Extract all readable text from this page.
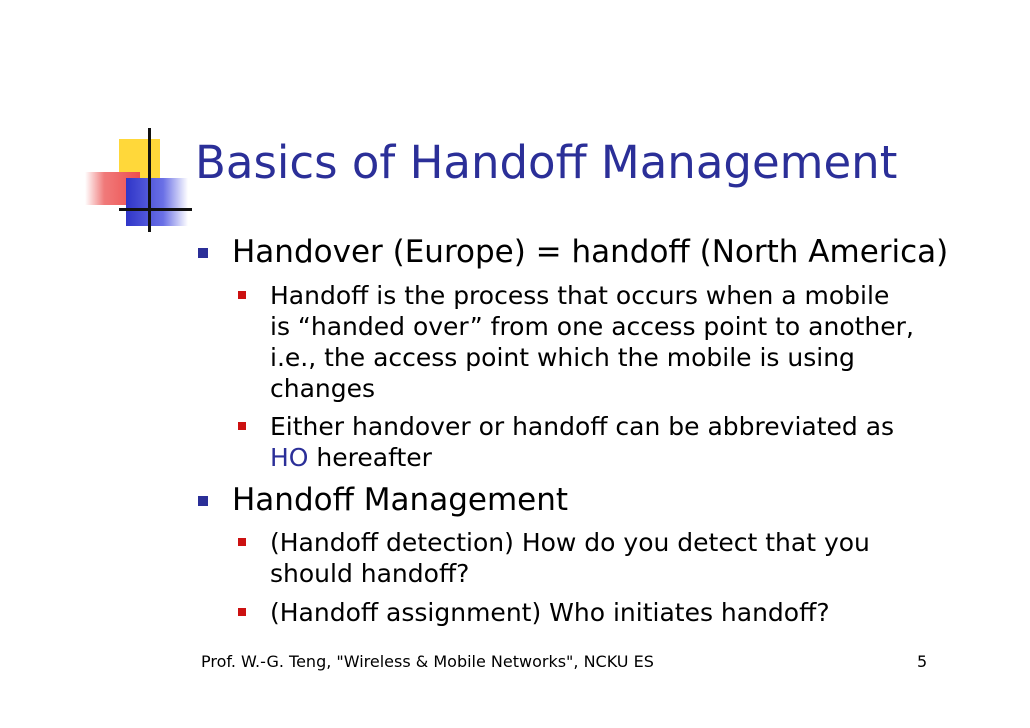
Basics of Handoff Management
Handover (Europe) = handoff (North America)
Handoff is the process that occurs when a mobile
is “handed over” from one access point to another,
i.e., the access point which the mobile is using
changes
Either handover or handoff can be abbreviated as
HO hereafter
Handoff Management
(Handoff detection) How do you detect that you
should handoff?
(Handoff assignment) Who initiates handoff?
Prof. W.-G. Teng, "Wireless & Mobile Networks", NCKU ES	5
